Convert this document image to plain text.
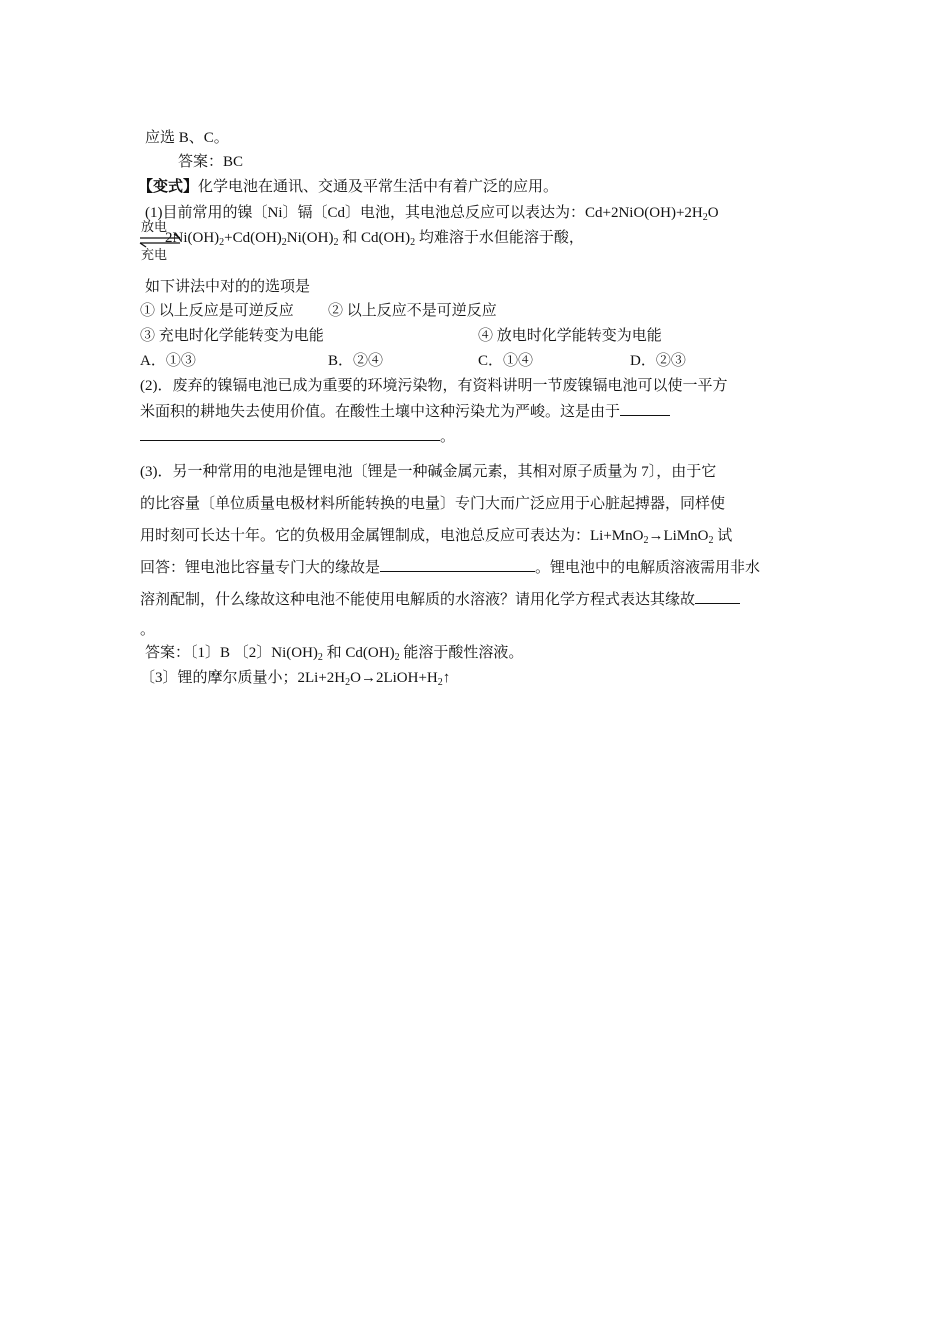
应选 B、C。
答案：BC
【变式】化学电池在通讯、交通及平常生活中有着广泛的应用。
(1)目前常用的镍〔Ni〕镉〔Cd〕电池，其电池总反应可以表达为：$Cd+2NiO(OH)+2H_2O$
放电
充电
$2Ni(OH)_2+Cd(OH)_2Ni(OH)_2$ 和 $Cd(OH)_2$ 均难溶于水但能溶于酸，
如下讲法中对的的选项是
① 以上反应是可逆反应 ② 以上反应不是可逆反应
③ 充电时化学能转变为电能	④ 放电时化学能转变为电能
A．①③	B．②④	C．①④	D．②③
(2)．废弃的镍镉电池已成为重要的环境污染物，有资料讲明一节废镍镉电池可以使一平方
米面积的耕地失去使用价值。在酸性土壤中这种污染尤为严峻。这是由于
。
(3)．另一种常用的电池是锂电池〔锂是一种碱金属元素，其相对原子质量为 7〕，由于它
的比容量〔单位质量电极材料所能转换的电量〕专门大而广泛应用于心脏起搏器，同样使
用时刻可长达十年。它的负极用金属锂制成，电池总反应可表达为：Li+MnO$_2$→LiMnO$_2$ 试
回答：锂电池比容量专门大的缘故是	。锂电池中的电解质溶液需用非水
溶剂配制，什么缘故这种电池不能使用电解质的水溶液？请用化学方程式表达其缘故
。
答案：〔1〕B 〔2〕$Ni(OH)_2$ 和 $Cd(OH)_2$ 能溶于酸性溶液。
〔3〕锂的摩尔质量小；$2Li+2H_2O\to 2LiOH+H_2↑$
